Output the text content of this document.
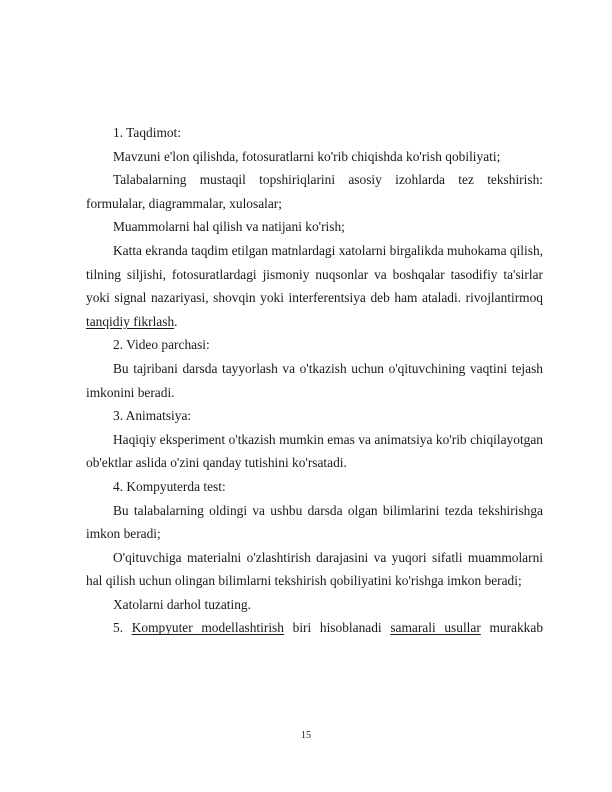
1. Taqdimot:

Mavzuni e'lon qilishda, fotosuratlarni ko'rib chiqishda ko'rish qobiliyati;

Talabalarning mustaqil topshiriqlarini asosiy izohlarda tez tekshirish: formulalar, diagrammalar, xulosalar;

Muammolarni hal qilish va natijani ko'rish;

Katta ekranda taqdim etilgan matnlardagi xatolarni birgalikda muhokama qilish, tilning siljishi, fotosuratlardagi jismoniy nuqsonlar va boshqalar tasodifiy ta'sirlar yoki signal nazariyasi, shovqin yoki interferentsiya deb ham ataladi. rivojlantirmoq tanqidiy fikrlash.

2. Video parchasi:

Bu tajribani darsda tayyorlash va o'tkazish uchun o'qituvchining vaqtini tejash imkonini beradi.

3. Animatsiya:

Haqiqiy eksperiment o'tkazish mumkin emas va animatsiya ko'rib chiqilayotgan ob'ektlar aslida o'zini qanday tutishini ko'rsatadi.

4. Kompyuterda test:

Bu talabalarning oldingi va ushbu darsda olgan bilimlarini tezda tekshirishga imkon beradi;

O'qituvchiga materialni o'zlashtirish darajasini va yuqori sifatli muammolarni hal qilish uchun olingan bilimlarni tekshirish qobiliyatini ko'rishga imkon beradi;

Xatolarni darhol tuzating.

5. Kompyuter modellashtirish biri hisoblanadi samarali usullar murakkab

15
